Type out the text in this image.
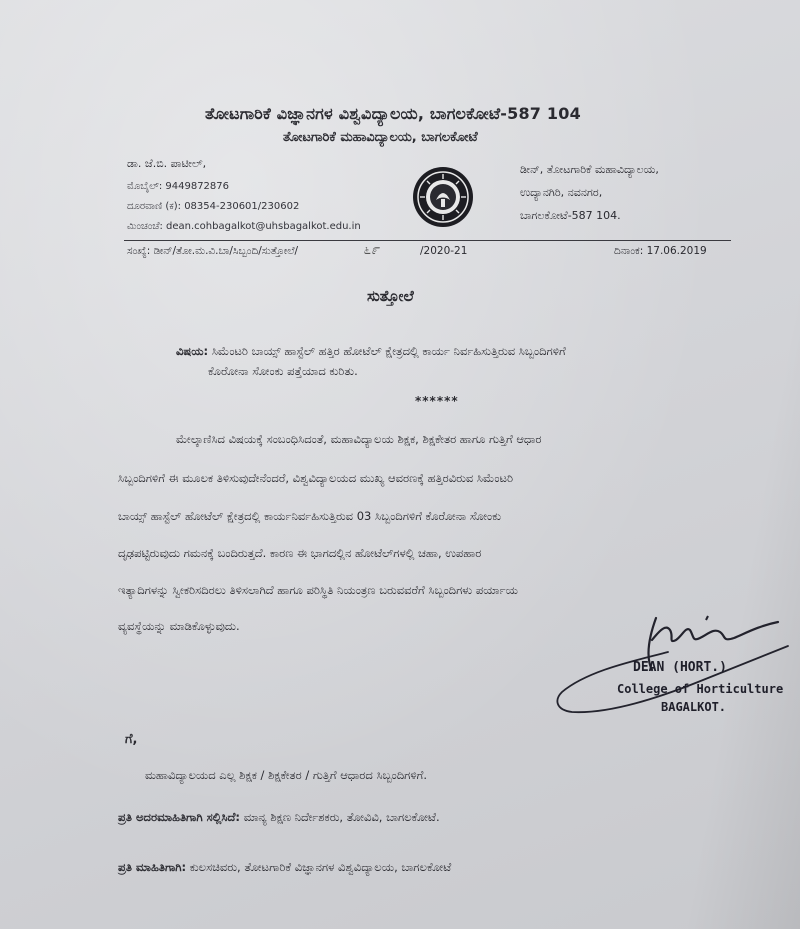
ತೋಟಗಾರಿಕೆ ವಿಜ್ಞಾನಗಳ ವಿಶ್ವವಿದ್ಯಾಲಯ, ಬಾಗಲಕೋಟೆ-587 104
ತೋಟಗಾರಿಕೆ ಮಹಾವಿದ್ಯಾಲಯ, ಬಾಗಲಕೋಟೆ
ಡಾ. ಜೆ.ಬಿ. ಪಾಟೀಲ್,
ಮೊಬೈಲ್: 9449872876
ದೂರವಾಣಿ (ಕ): 08354-230601/230602
ಮಿಂಚಂಚೆ: dean.cohbagalkot@uhsbagalkot.edu.in
ಡೀನ್, ತೋಟಗಾರಿಕೆ ಮಹಾವಿದ್ಯಾಲಯ,
ಉದ್ಯಾನಗಿರಿ, ನವನಗರ,
ಬಾಗಲಕೋಟೆ-587 104.
ಸಂಖ್ಯೆ: ಡೀನ್/ತೋ.ಮ.ವಿ.ಬಾ/ಸಿಬ್ಬಂದಿ/ಸುತ್ತೋಲೆ/	೬೯	/2020-21	ದಿನಾಂಕ: 17.06.2019
ಸುತ್ತೋಲೆ
ವಿಷಯ: ಸಿಮೆಂಟರಿ ಬಾಯ್ಸ್ ಹಾಸ್ಟೆಲ್ ಹತ್ತಿರ ಹೋಟೆಲ್ ಕ್ಷೇತ್ರದಲ್ಲಿ ಕಾರ್ಯ ನಿರ್ವಹಿಸುತ್ತಿರುವ ಸಿಬ್ಬಂದಿಗಳಿಗೆ
ಕೊರೋನಾ ಸೋಂಕು ಪತ್ತೆಯಾದ ಕುರಿತು.
******
ಮೇಲ್ಕಾಣಿಸಿದ ವಿಷಯಕ್ಕೆ ಸಂಬಂಧಿಸಿದಂತೆ, ಮಹಾವಿದ್ಯಾಲಯ ಶಿಕ್ಷಕ, ಶಿಕ್ಷಕೇತರ ಹಾಗೂ ಗುತ್ತಿಗೆ ಆಧಾರ
ಸಿಬ್ಬಂದಿಗಳಿಗೆ ಈ ಮೂಲಕ ತಿಳಿಸುವುದೇನೆಂದರೆ, ವಿಶ್ವವಿದ್ಯಾಲಯದ ಮುಖ್ಯ ಆವರಣಕ್ಕೆ ಹತ್ತಿರವಿರುವ ಸಿಮೆಂಟರಿ
ಬಾಯ್ಸ್ ಹಾಸ್ಟೆಲ್ ಹೋಟೆಲ್ ಕ್ಷೇತ್ರದಲ್ಲಿ ಕಾರ್ಯನಿರ್ವಹಿಸುತ್ತಿರುವ 03 ಸಿಬ್ಬಂದಿಗಳಿಗೆ ಕೊರೋನಾ ಸೋಂಕು
ದೃಢಪಟ್ಟಿರುವುದು ಗಮನಕ್ಕೆ ಬಂದಿರುತ್ತದೆ. ಕಾರಣ ಈ ಭಾಗದಲ್ಲಿನ ಹೋಟೆಲ್‌ಗಳಲ್ಲಿ ಚಹಾ, ಉಪಹಾರ
ಇತ್ಯಾದಿಗಳನ್ನು ಸ್ವೀಕರಿಸದಿರಲು ತಿಳಿಸಲಾಗಿದೆ ಹಾಗೂ ಪರಿಸ್ಥಿತಿ ನಿಯಂತ್ರಣ ಬರುವವರೆಗೆ ಸಿಬ್ಬಂದಿಗಳು ಪರ್ಯಾಯ
ವ್ಯವಸ್ಥೆಯನ್ನು ಮಾಡಿಕೊಳ್ಳುವುದು.
DEAN (HORT.)
College of Horticulture
BAGALKOT.
ಗೆ,
ಮಹಾವಿದ್ಯಾಲಯದ ಎಲ್ಲ ಶಿಕ್ಷಕ / ಶಿಕ್ಷಕೇತರ / ಗುತ್ತಿಗೆ ಆಧಾರದ ಸಿಬ್ಬಂದಿಗಳಿಗೆ.
ಪ್ರತಿ ಅದರಮಾಹಿತಿಗಾಗಿ ಸಲ್ಲಿಸಿದೆ: ಮಾನ್ಯ ಶಿಕ್ಷಣ ನಿರ್ದೇಶಕರು, ತೋವಿವಿ, ಬಾಗಲಕೋಟೆ.
ಪ್ರತಿ ಮಾಹಿತಿಗಾಗಿ: ಕುಲಸಚಿವರು, ತೋಟಗಾರಿಕೆ ವಿಜ್ಞಾನಗಳ ವಿಶ್ವವಿದ್ಯಾಲಯ, ಬಾಗಲಕೋಟೆ
